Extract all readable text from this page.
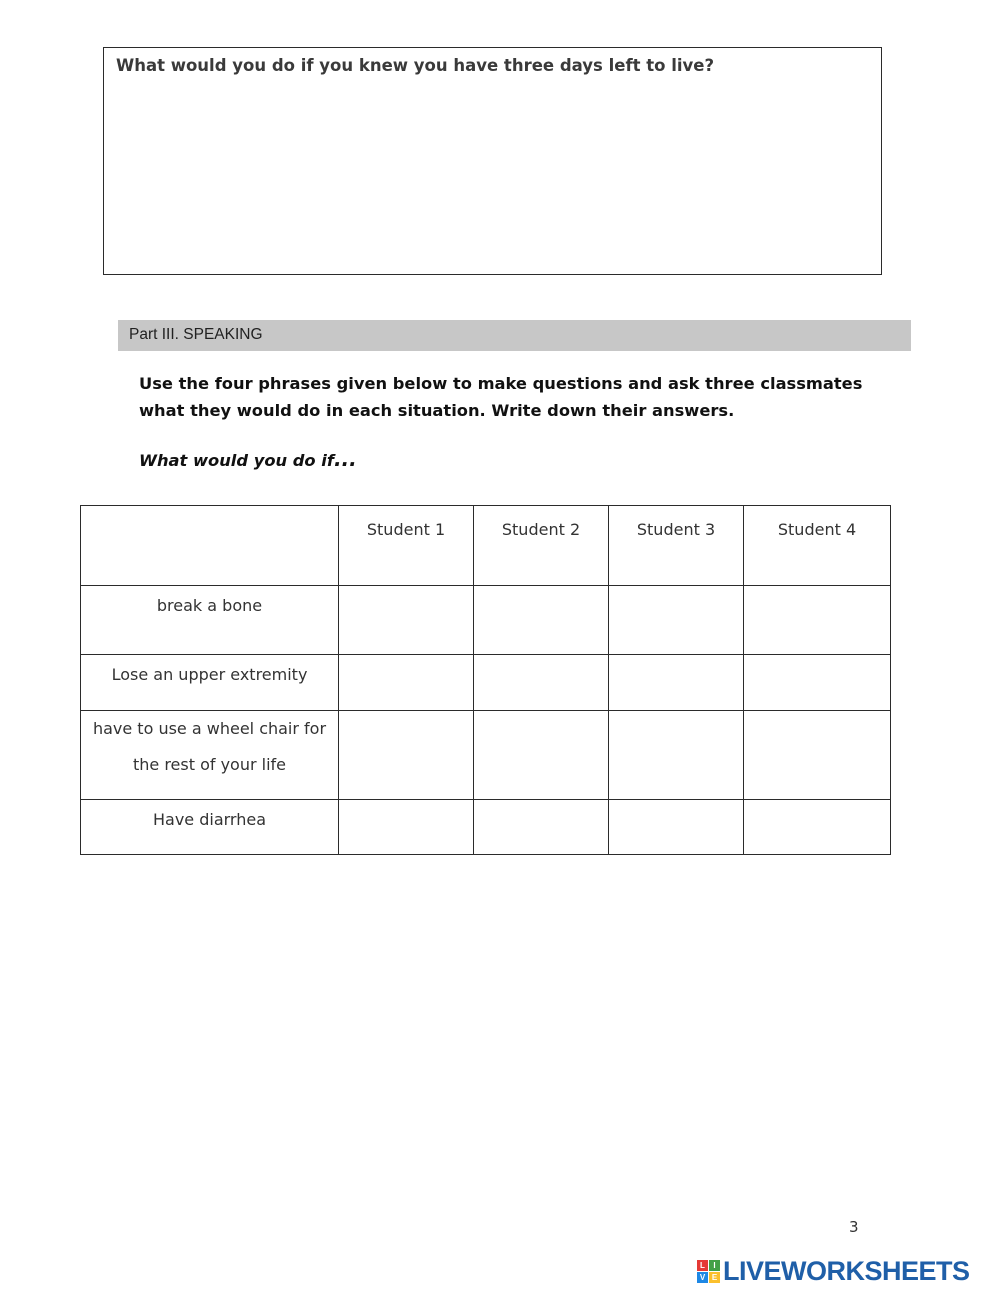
What would you do if you knew you have three days left to live?
Part III. SPEAKING
Use the four phrases given below to make questions and ask three classmates what they would do in each situation. Write down their answers.
What would you do if...

	Student 1	Student 2	Student 3	Student 4

break a bone				

Lose an upper extremity				

have to use a wheel chair for the rest of your life				

Have diarrhea				

3
L	I
V E LIVEWORKSHEETS
